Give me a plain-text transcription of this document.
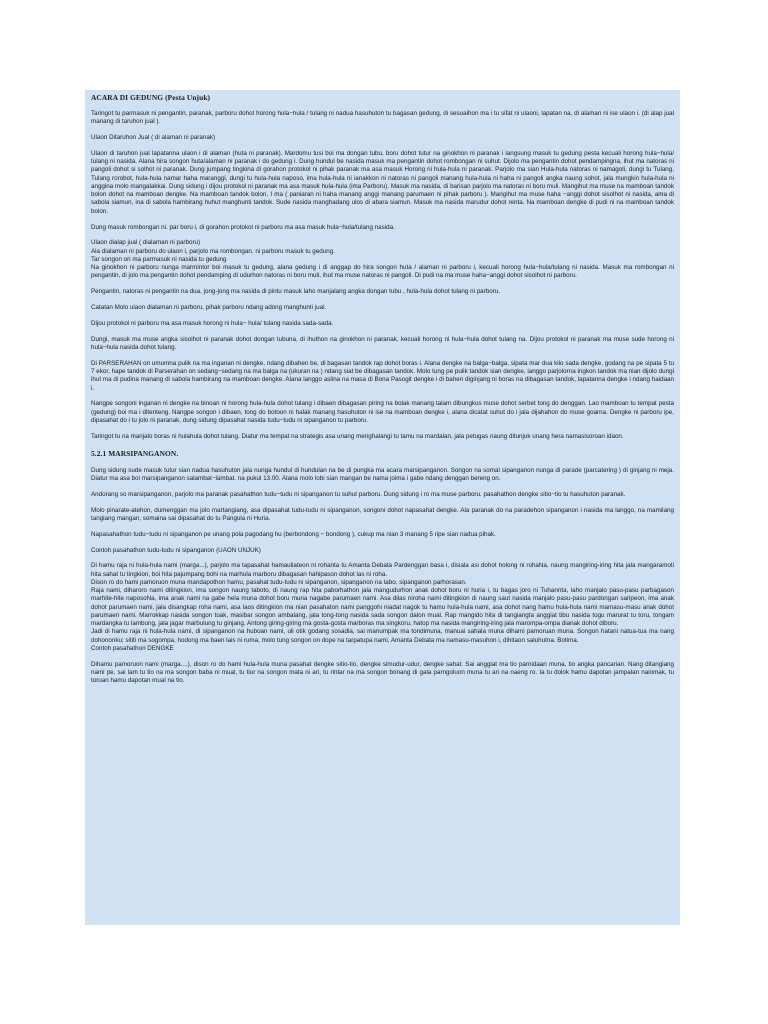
ACARA DI GEDUNG (Pesta Unjuk)

Taringot tu parmasuk ni pengantin, paranak, parboru dohot horong hula−hula / tulang ni nadua hasuhuton tu bagasan gedung, di sesuaihon ma i tu sifat ni ulaoni, lapatan na, di alaman ni ise ulaon i. (di alap jual manang di taruhon jual ).

Ulaon Ditaruhon Jual ( di alaman ni paranak)

Ulaon di taruhon jual lapatanna ulaon i di alaman (huta ni paranak). Mardomu tusi boi ma dongan tubu, boru dohot tutur na ginokhon ni paranak i langsung masuk tu gedung pesta kecuali horong hula−hula/ tulang ni nasida. Alana hira songon huta/alaman ni paranak i do gedung i. Dung hundul be nasida masuk ma pengantin dohot rombongan ni suhut. Dijolo ma pengantin dohot pendampingna, ihut ma natoras ni pangoli dohot si solhot ni paranak. Dung jumpang tingkina di gorahon protokol ni pihak paranak ma asa masuk Horong ni hula-hula ni paranak. Parjolo ma sian Hula-hula natoras ni namagoli, dungi tu Tulang, Tulang rorobot, hula-hula namar haha maranggi, dungi tu hula-hula naposo, ima hula-hula ni ianakkon ni natoras ni pangoli manang hula-hula ni haha ni pangoli angka naung sohot, jala mungkin hula-hula ni anggina molo mangalakkai. Dung sidung i dijou protokol ni paranak ma asa masuk hula-hula (ima Parboru). Masuk ma nasida, di barisan parjolo ma natoras ni boru muli. Mangihut ma muse na mamboan tandok bolon dohot na mamboan dengke. Na mamboan tandok bolon, I ma ( paniaran ni haha manang anggi manang parumaen ni pihak parboru ). Mangihut ma muse haha −anggi dohot sisolhot ni nasida, ama di sabola siamun, ina di sabola hambirang huhut manghunti tandok. Sude nasida manghadang ulos di abara siamun. Masuk ma nasida marudur dohot renta. Na mamboan dengke di pudi ni na mamboan tandok bolon.

Dung masuk rombongan ni. par boru i, di gorahon protokol ni parboru ma asa masuk hula−hula/tulang nasida.

Ulaon dialap jual ( dialaman ni parboru)

Ala dialaman ni parboru do ulaon i, parjolo ma rombongan. ni parboru masuk tu gedung.

Tar songon on ma parmasuk ni nasida tu gedung

Na ginokhon ni parboru nunga marmintor boi masuk tu gedung, alana gedung i di anggap do hira songon huta / alaman ni parboru i, kecuali horong hula−hula/tulang ni nasida. Masuk ma rombongan ni pengantin, di jolo ma pengantin dohot pendamping di udurhon natoras ni boru muli, ihut ma muse natoras ni pangoli. Di pudi na ma muse haha−anggi dohot sisolhot ni parboru.

Pengantin, natoras ni pengantin na dua, jong-jong ma nasida di pintu masuk laho manjalang angka dongan tubu , hula-hula dohot tulang ni parboru.

Catatan Molo ulaon dialaman ni parboru, pihak parboru ndang adong manghunti jual.

Dijou protokol ni parboru ma asa masuk horong ni hula− hula/ tulang nasida sada-sada.

Dungi, masuk ma muse angka sisolhot ni paranak dohot dongan tubuna, di ihuthon na ginokhon ni paranak, kecuali horong ni hula−hula dohot tulang na. Dijou protokol ni paranak ma muse sude horong ni hula−hula nasida dohot tulang.

Di PARSERAHAN on umumna pulik na ma inganan ni dengke, ndang dibahen be, di bagasan tandok rap dohot boras i. Alana dengke na balga−balga, sipata mar dua kilo sada dengke, godang na pe sipata 5 tu 7 ekor, hape tandok di Parserahan on sedang−sedang na ma balga na (ukuran na ) ndang siat be dibagasan tandok. Molo tung pe pulik tandok sian dengke, ianggo parjolorna ingkon tandok ma nian dijolo dungi ihut ma di pudina manang di sabola hambirang na mamboan dengke. Alana langgo aslina na masa di Bona Pasogit dengke i di bahen diginjang ni boras na dibagasan tandok, lapatanna dengke i ndang haidaan i.

Nangpe songoni inganan ni dengke na binoan ni horong hula-hula dohot tulang i dibaen dibagasan piring na bolak manang talam dibungkus muse dohot serbet tong do denggan. Lao mamboan tu tempat pesta (gedung) boi ma i ditenteng. Nangpe songon i dibaen, tong do botoon ni halak manang hasuhuton ni ise na mamboan dengke i, alana dicatat suhut do i jala dijahahon do muse goarna. Dengke ni parboru ipe, dipasahat do i tu jolo ni paranak, dung sidung dipasahat nasida tudu−tudu ni sipanganon tu parboru.

Taringot tu na manjalo boras ni hulahula dohot tulang. Diatur ma tempat na strategis asa unang menghalangi tu tamu na mardalan, jala petugas naung ditunjuk unang hera namasisoroan idaon.

5.2.1 MARSIPANGANON.

Dung sidung sude masuk tutur sian nadua hasuhuton jala nunga hundul di hundulan na be di pungka ma acara marsipanganon. Songon na somal sipanganon nunga di parade (parcatering ) di ginjang ni meja. Diatur ma asa boi marsipanganon salambat−lambat. na pukul 13.00. Alana molo lobi sian mangan be nama joima i gabe ndang denggan bereng on.

Andorang so marsipanganon, parjolo ma paranak pasahathon tudu−tudu ni sipanganon tu suhut parboru. Dung sidung i ro ma muse parboru. pasahathon dengke sitio−tio tu hasuhuton paranak.

Molo pinarate-atehon, dumenggan ma jolo martangiang, asa dipasahat tudu-tudu ni sipanganon, songoni dohot napasahat dengke. Ala paranak do na paradehon sipanganon i nasida ma langgo, na mamilang tangiang mangan, somaina sai dipasahat do tu Pangula ni Huria.

Napasahathon tudu−tudu ni sipanganon pe unang pola pagodang hu (berbondong − bondong ), cukup ma nian 3 manang 5 ripe sian nadua pihak.

Contoh pasahathon tudu-tudu ni sipanganon (UAON UNJUK)

Di hamu raja ni hula-hula nami (marga...), parjolo ma tapasahat hamauliateon ni rohanta tu Amanta Debata Pardenggan basa i, disiala asi dohot holong ni rohaNa, naung mangiring-iring hita jala mangaramoti hita sahat tu tingkion, boi hita pajumpang bohi na marhula marboru dibagasan hahipason dohot las ni roha.

Dison ro do hami pamoruon muna mandapothon hamu, pasahat tudu-tudu ni sipanganon, sipanganon na tabo, sipanganon parhorasan.

Raja nami, diharoro nami ditingkion, ima songon naung taboto, di naung rap hita paborhathon jala mangudurhon anak dohot boru ni huria i, tu bagas joro ni Tuhannta, laho manjalo pasu-pasu parbagason marhite-hite naposoNa, ima anak nami na gabe hela muna dohot boru muna nagabe parumaen nami. Asa dilas niroha nami ditingkion di naung saut nasida manjalo pasu-pasu pardongan saripeon, ima anak dohot parumaen nami, jala disangkap roha nami, asa laos ditingkion ma nian pasahaton nami panggohi niadat nagok tu hamu hula-hula nami, asa dohot nang hamu hula-hula nami mamasu-masu anak dohot parumaen nami. Marrokkap nasida songon tuak, masibar songon ambalang, jala tong-tong nasida sada songon dalon mual. Rap mangido hita di tangiangta anggiat tibu nasida togu marurat tu toru, tongam mardangka tu lambung, jala jagar marbulung tu ginjang. Antong giring-giring ma gosta-gosta marboras ma singkoru, hatop ma nasida mangiring-iring jala marompa-ompa dianak dohot diboru.

Jadi di hamu raja ni hula-hula nami, di sipanganon na huboan nami, uli otik godang sosadia, sai manumpak ma tondimuna, manuai sahala muna dihami pamoruan muna. Songon hatani natua-tua ma nang dohononku; sititi ma sogompa, hodong ma baen lais ni ruma, molo tung songon on dope na tarpatupa nami, Amanta Debata ma namasu-masuhon i, dihitaon saluhutna. Botima.

Contoh pasahathon DENGKE

Dihamu pamoruon nami (marga....), dison ro do hami hula-hula muna pasahat dengke sitio-tio, dengke simudur-udur, dengke sahat. Sai anggiat ma tio parnidaan muna, tio angka pancarian. Nang ditangiang nami pe, sai lam tu tio na ma songon baba ni mual, tu tiur na songon mata ni ari, tu rintar na ma songon bonang di gala parngoluon muna tu ari na naeng ro. Ia tu dolok hamu dapotan jampalan naiomak, tu toruan hamu dapotan mual na tio.
